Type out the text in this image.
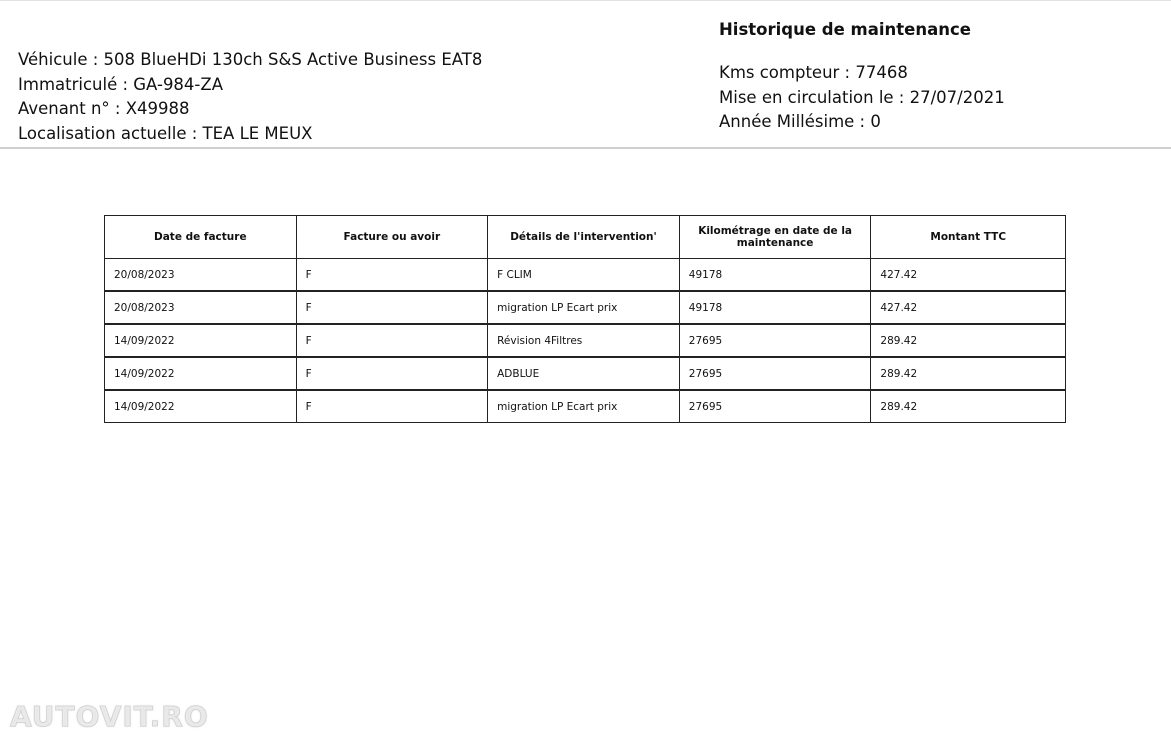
Véhicule : 508 BlueHDi 130ch S&S Active Business EAT8
Immatriculé : GA-984-ZA
Avenant n° : X49988
Localisation actuelle : TEA LE MEUX
Historique de maintenance
Kms compteur : 77468
Mise en circulation le : 27/07/2021
Année Millésime : 0
Date de facture	Facture ou avoir	Détails de l'intervention'	Kilométrage en date de la maintenance	Montant TTC
20/08/2023	F	F CLIM	49178	427.42
20/08/2023	F	migration LP Ecart prix	49178	427.42
14/09/2022	F	Révision 4Filtres	27695	289.42
14/09/2022	F	ADBLUE	27695	289.42
14/09/2022	F	migration LP Ecart prix	27695	289.42
AUTOVIT.RO
